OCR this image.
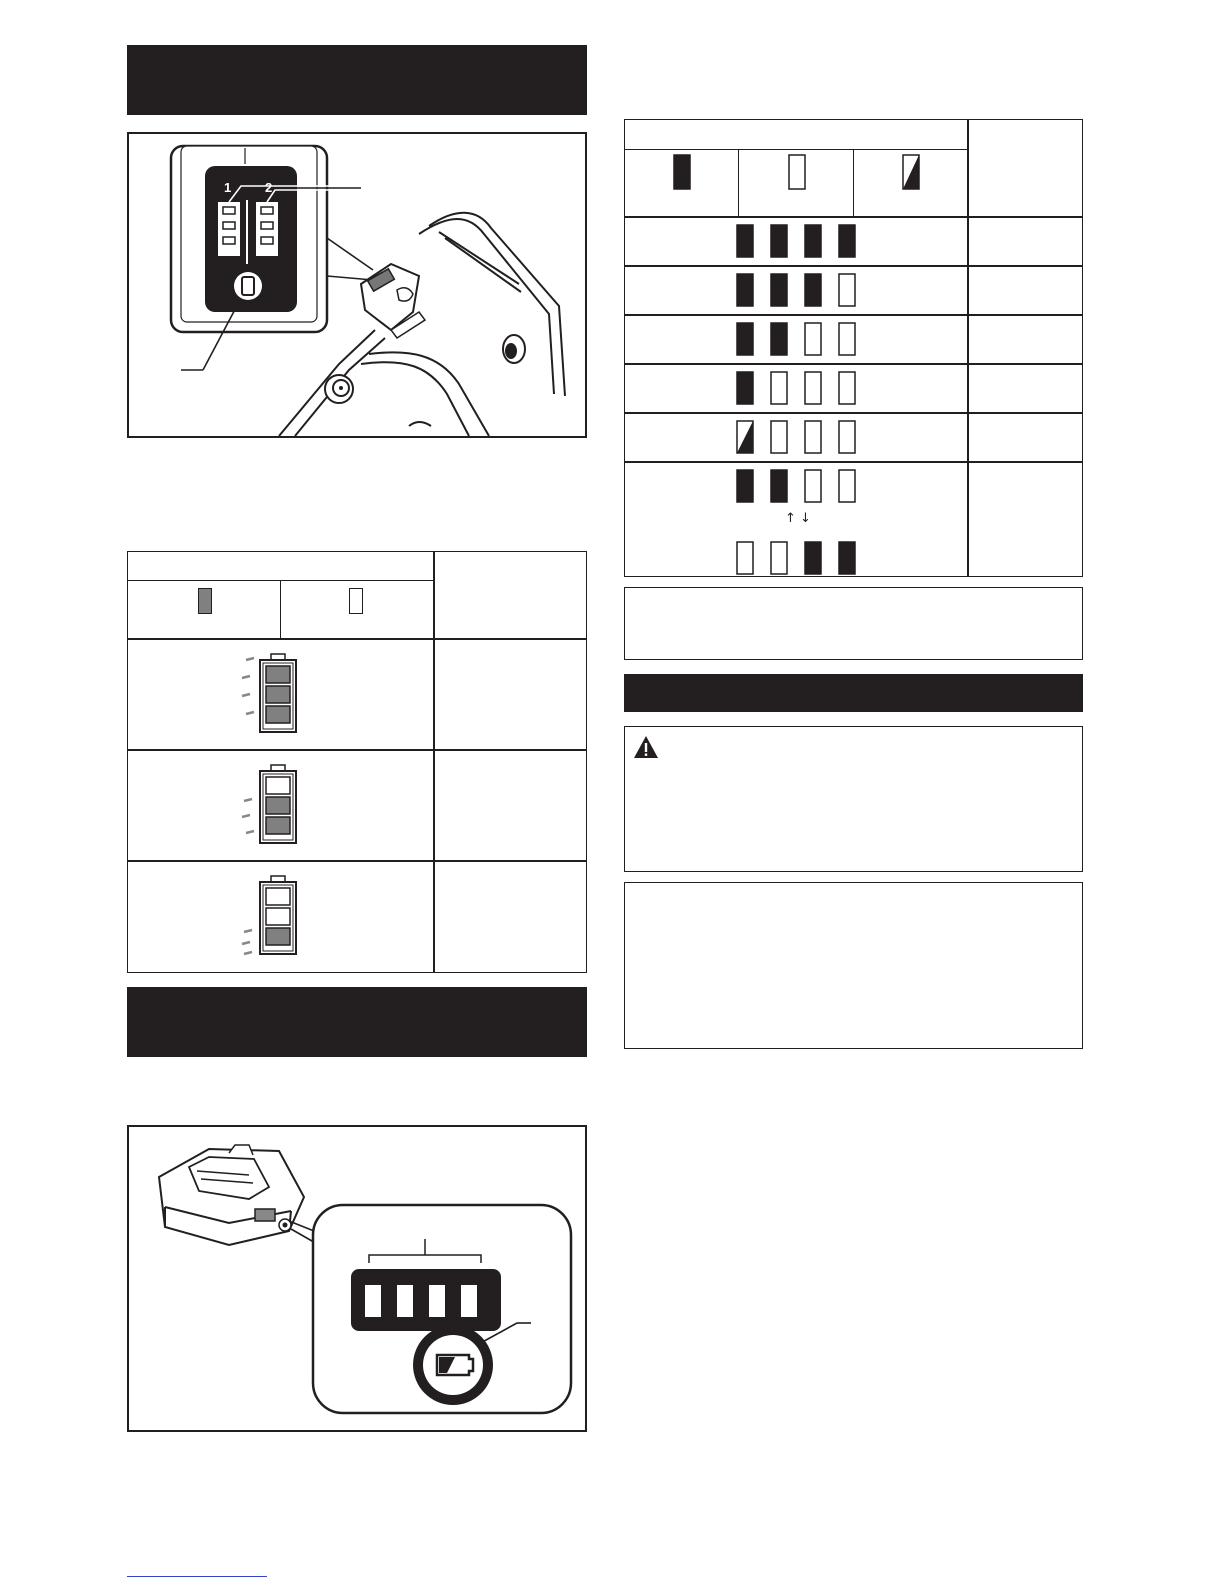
1	2
↑ ↓
